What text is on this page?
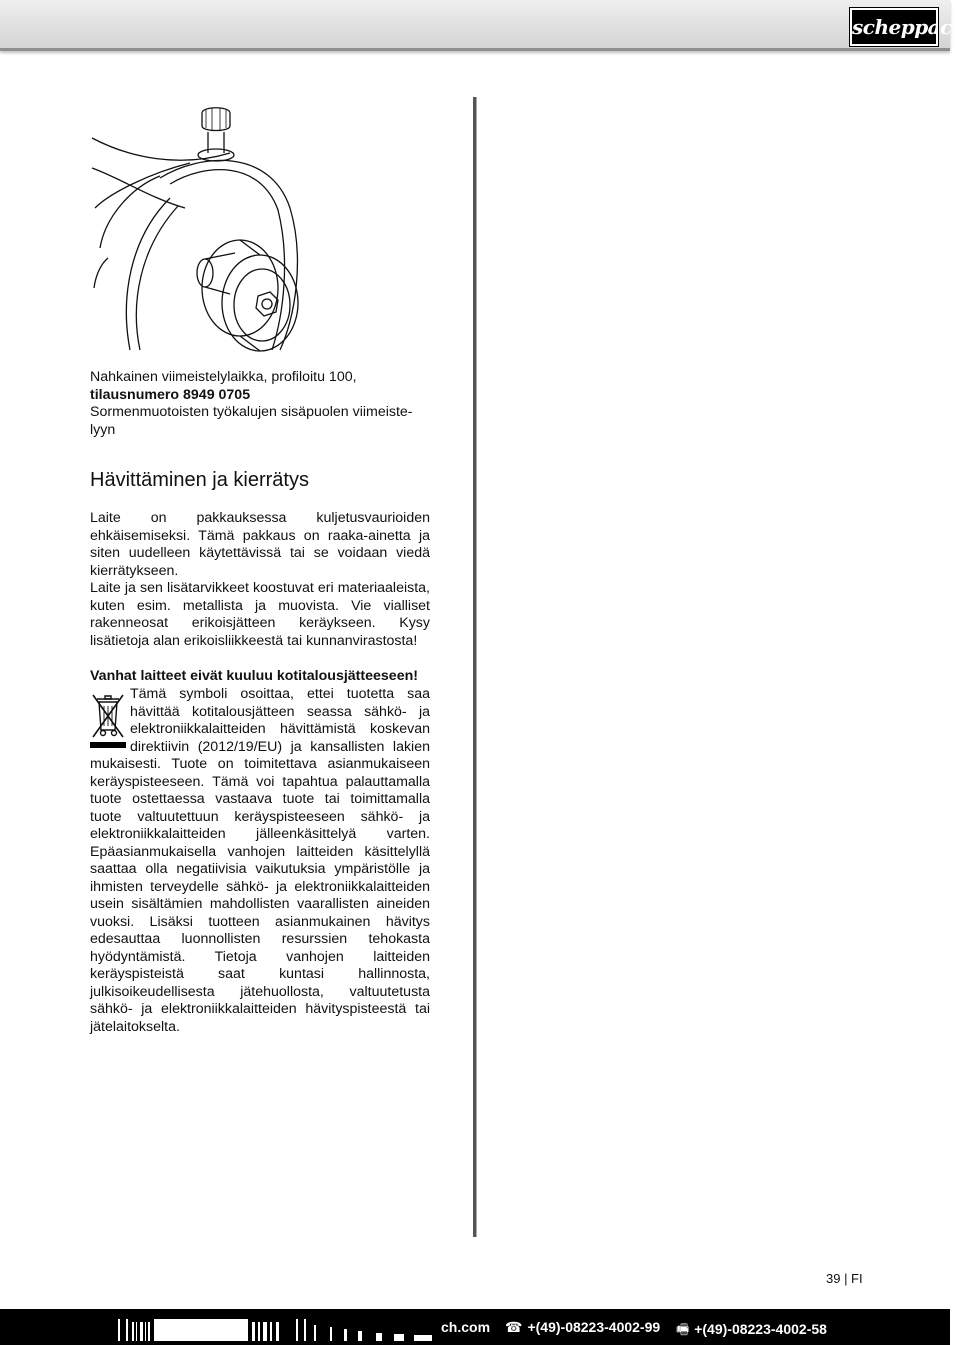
scheppach

Nahkainen viimeistelylaikka, profiloitu 100,

tilausnumero 8949 0705

Sormenmuotoisten työkalujen sisäpuolen viimeiste-lyyn

Hävittäminen ja kierrätys

Laite on pakkauksessa kuljetusvaurioiden ehkäisemiseksi. Tämä pakkaus on raaka-ainetta ja siten uudelleen käytettävissä tai se voidaan viedä kierrätykseen.

Laite ja sen lisätarvikkeet koostuvat eri materiaaleista, kuten esim. metallista ja muovista. Vie vialliset rakenneosat erikoisjätteen keräykseen. Kysy lisätietoja alan erikoisliikkeestä tai kunnanvirastosta!

Vanhat laitteet eivät kuuluu kotitalousjätteeseen!

Tämä symboli osoittaa, ettei tuotetta saa hävittää kotitalousjätteen seassa sähkö- ja elektroniikkalaitteiden hävittämistä koskevan direktiivin (2012/19/EU) ja kansallisten lakien mukaisesti. Tuote on toimitettava asianmukaiseen keräyspisteeseen. Tämä voi tapahtua palauttamalla tuote ostettaessa vastaava tuote tai toimittamalla tuote valtuutettuun keräyspisteeseen sähkö- ja elektroniikkalaitteiden jälleenkäsittelyä varten. Epäasianmukaisella vanhojen laitteiden käsittelyllä saattaa olla negatiivisia vaikutuksia ympäristölle ja ihmisten terveydelle sähkö- ja elektroniikkalaitteiden usein sisältämien mahdollisten vaarallisten aineiden vuoksi. Lisäksi tuotteen asianmukainen hävitys edesauttaa luonnollisten resurssien tehokasta hyödyntämistä. Tietoja vanhojen laitteiden keräyspisteistä saat kuntasi hallinnosta, julkisoikeudellisesta jätehuollosta, valtuutetusta sähkö- ja elektroniikkalaitteiden hävityspisteestä tai jätelaitokselta.

39 | FI
ch.com ☎ +(49)-08223-4002-99 🖷 +(49)-08223-4002-58
